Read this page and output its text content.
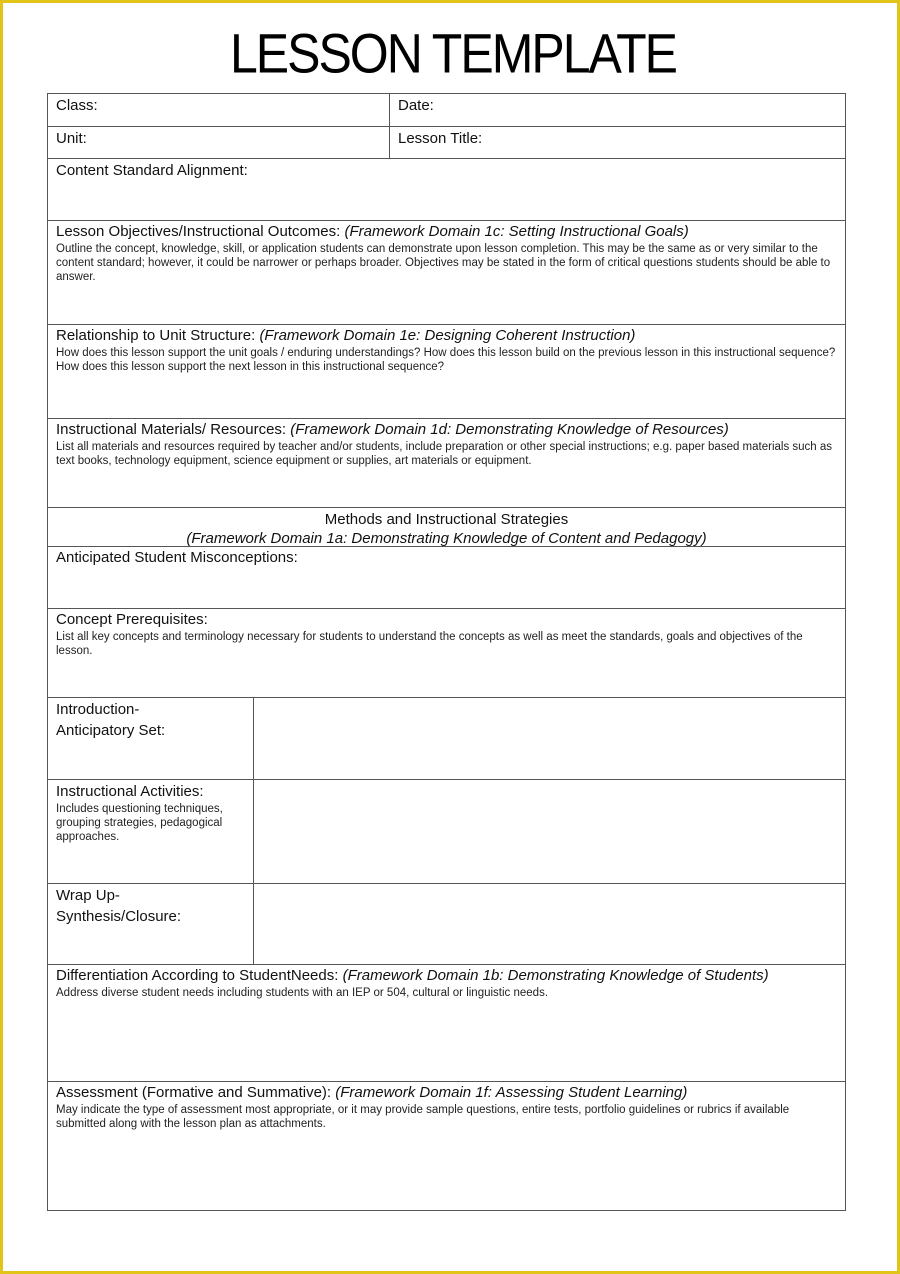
LESSON TEMPLATE
Class:	Date:
Unit:	Lesson Title:
Content Standard Alignment:
Lesson Objectives/Instructional Outcomes: (Framework Domain 1c: Setting Instructional Goals)
Outline the concept, knowledge, skill, or application students can demonstrate upon lesson completion. This may be the same as or very similar to the content standard; however, it could be narrower or perhaps broader. Objectives may be stated in the form of critical questions students should be able to answer.
Relationship to Unit Structure: (Framework Domain 1e: Designing Coherent Instruction)
How does this lesson support the unit goals / enduring understandings? How does this lesson build on the previous lesson in this instructional sequence? How does this lesson support the next lesson in this instructional sequence?
Instructional Materials/ Resources: (Framework Domain 1d: Demonstrating Knowledge of Resources)
List all materials and resources required by teacher and/or students, include preparation or other special instructions; e.g. paper based materials such as text books, technology equipment, science equipment or supplies, art materials or equipment.
Methods and Instructional Strategies
(Framework Domain 1a: Demonstrating Knowledge of Content and Pedagogy)
Anticipated Student Misconceptions:
Concept Prerequisites:
List all key concepts and terminology necessary for students to understand the concepts as well as meet the standards, goals and objectives of the lesson.
Introduction-
Anticipatory Set:
Instructional Activities:
Includes questioning techniques, grouping strategies, pedagogical approaches.
Wrap Up-
Synthesis/Closure:
Differentiation According to StudentNeeds: (Framework Domain 1b: Demonstrating Knowledge of Students)
Address diverse student needs including students with an IEP or 504, cultural or linguistic needs.
Assessment (Formative and Summative): (Framework Domain 1f: Assessing Student Learning)
May indicate the type of assessment most appropriate, or it may provide sample questions, entire tests, portfolio guidelines or rubrics if available submitted along with the lesson plan as attachments.
